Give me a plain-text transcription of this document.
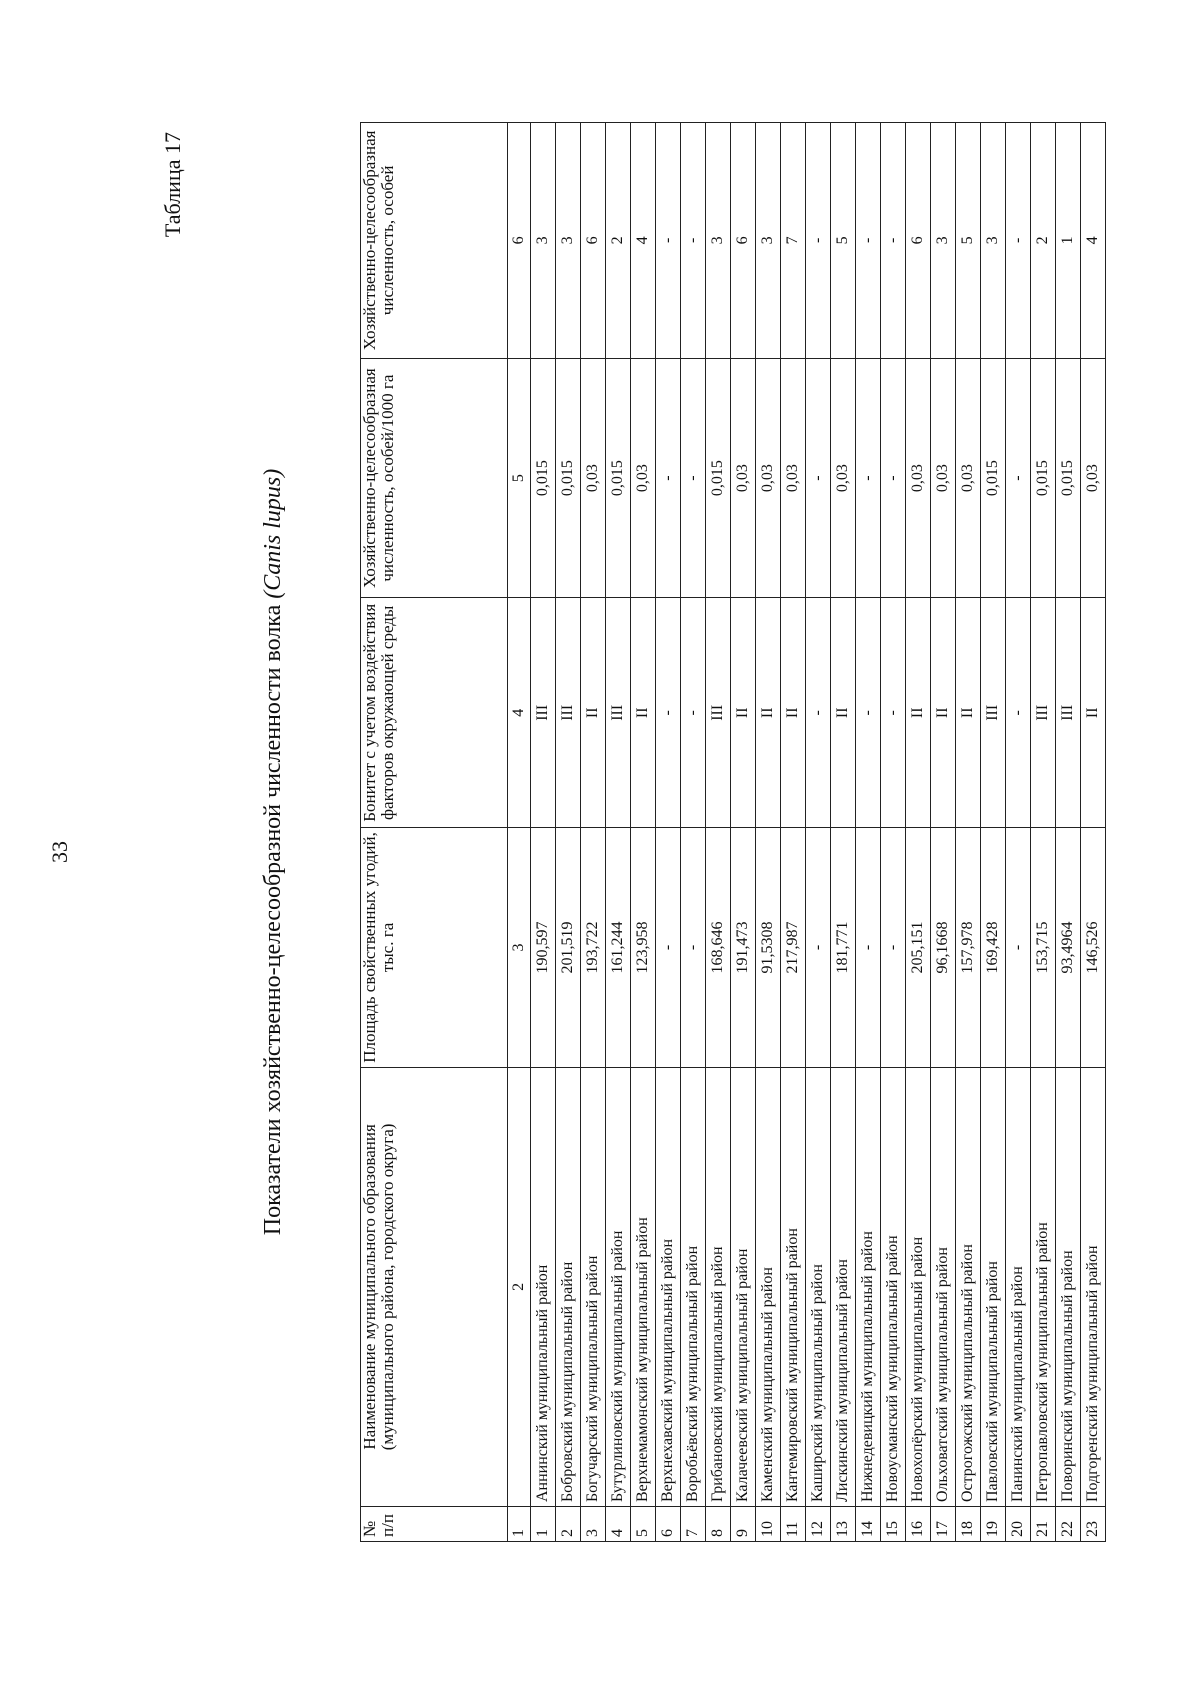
33
Таблица 17
Показатели хозяйственно-целесообразной численности волка (Canis lupus)
№ п/п	Наименование муниципального образования (муниципального района, городского округа)	Площадь свойственных угодий, тыс. га	Бонитет с учетом воздействия факторов окружающей среды	Хозяйственно-целесообразная численность, особей/1000 га	Хозяйственно-целесообразная численность, особей
1	2	3	4	5	6
1	Аннинский муниципальный район	190,597	III	0,015	3
2	Бобровский муниципальный район	201,519	III	0,015	3
3	Богучарский муниципальный район	193,722	II	0,03	6
4	Бутурлиновский муниципальный район	161,244	III	0,015	2
5	Верхнемамонский муниципальный район	123,958	II	0,03	4
6	Верхнехавский муниципальный район	-	-	-	-
7	Воробьёвский муниципальный район	-	-	-	-
8	Грибановский муниципальный район	168,646	III	0,015	3
9	Калачеевский муниципальный район	191,473	II	0,03	6
10	Каменский муниципальный район	91,5308	II	0,03	3
11	Кантемировский муниципальный район	217,987	II	0,03	7
12	Каширский муниципальный район	-	-	-	-
13	Лискинский муниципальный район	181,771	II	0,03	5
14	Нижнедевицкий муниципальный район	-	-	-	-
15	Новоусманский муниципальный район	-	-	-	-
16	Новохопёрский муниципальный район	205,151	II	0,03	6
17	Ольховатский муниципальный район	96,1668	II	0,03	3
18	Острогожский муниципальный район	157,978	II	0,03	5
19	Павловский муниципальный район	169,428	III	0,015	3
20	Панинский муниципальный район	-	-	-	-
21	Петропавловский муниципальный район	153,715	III	0,015	2
22	Поворинский муниципальный район	93,4964	III	0,015	1
23	Подгоренский муниципальный район	146,526	II	0,03	4
